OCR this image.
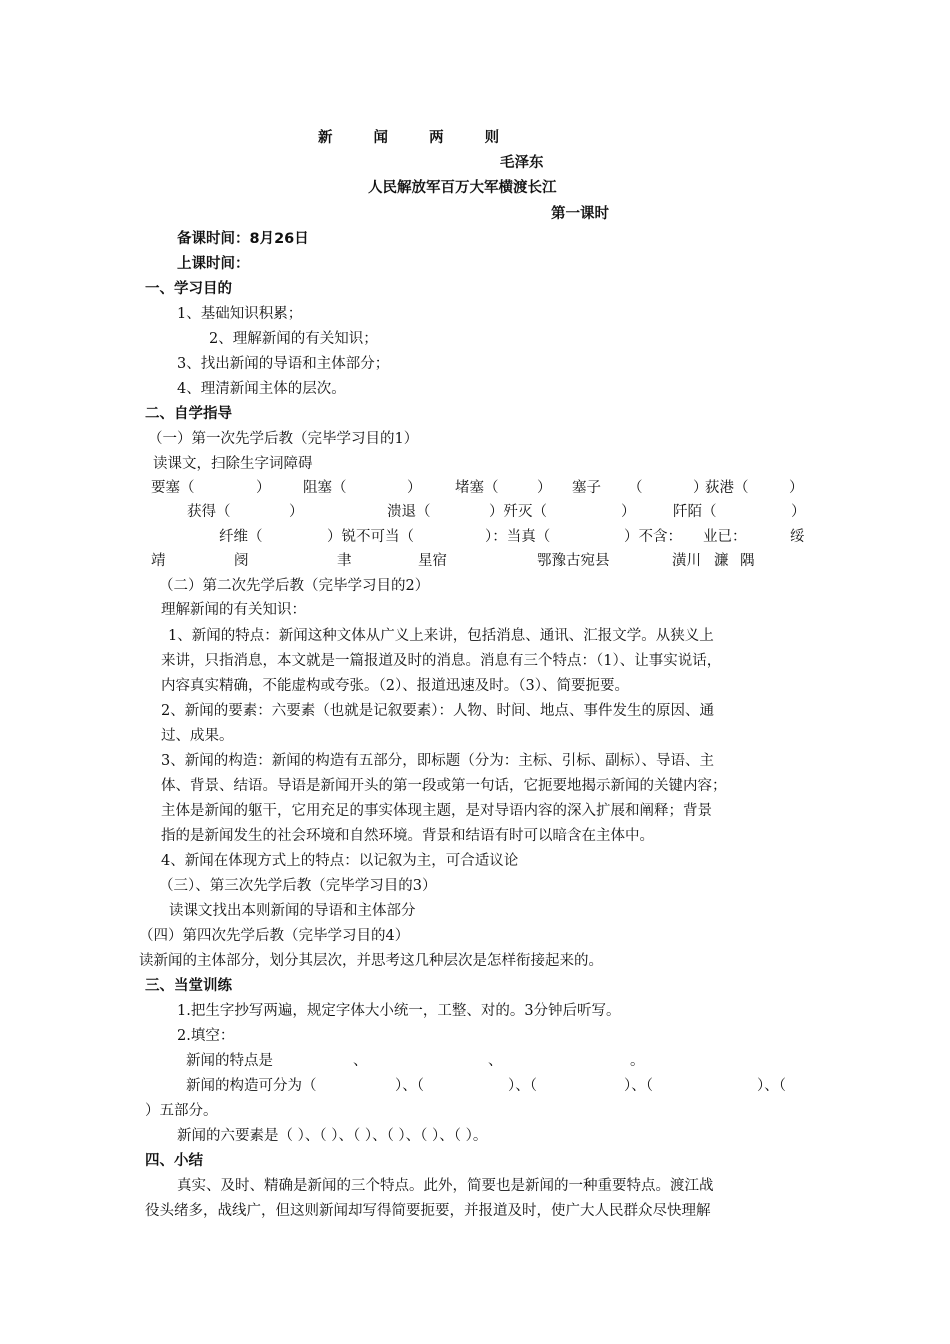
新 闻 两 则
毛泽东
人民解放军百万大军横渡长江
第一课时
备课时间：8月26日
上课时间：
一、学习目的
1、基础知识积累；
2、理解新闻的有关知识；
3、找出新闻的导语和主体部分；
4、理清新闻主体的层次。
二、自学指导
（一）第一次先学后教（完毕学习目的1）
读课文，扫除生字词障碍
要塞（	） 阻塞（	） 堵塞（	） 塞子 （	）
荻港（	）
获得（	）	溃退（	）歼灭（	）	阡陌（	）
纤维（	）锐不可当（	）：当真（	）不含： 业已：	绥
靖	阌	聿	星宿	鄂豫古宛县	潢川 濂 隅
（二）第二次先学后教（完毕学习目的2）
理解新闻的有关知识：
1、新闻的特点：新闻这种文体从广义上来讲，包括消息、通讯、汇报文学。从狭义上
来讲，只指消息，本文就是一篇报道及时的消息。消息有三个特点：（1）、让事实说话，
内容真实精确，不能虚构或夸张。（2）、报道迅速及时。（3）、简要扼要。
2、新闻的要素：六要素（也就是记叙要素）：人物、时间、地点、事件发生的原因、通
过、成果。
3、新闻的构造：新闻的构造有五部分，即标题（分为：主标、引标、副标）、导语、主
体、背景、结语。导语是新闻开头的第一段或第一句话，它扼要地揭示新闻的关键内容；
主体是新闻的躯干，它用充足的事实体现主题，是对导语内容的深入扩展和阐释；背景
指的是新闻发生的社会环境和自然环境。背景和结语有时可以暗含在主体中。
4、新闻在体现方式上的特点：以记叙为主，可合适议论
（三）、第三次先学后教（完毕学习目的3）
读课文找出本则新闻的导语和主体部分
（四）第四次先学后教（完毕学习目的4）
读新闻的主体部分，划分其层次，并思考这几种层次是怎样衔接起来的。
三、当堂训练
1.把生字抄写两遍，规定字体大小统一，工整、对的。3分钟后听写。
2.填空：
新闻的特点是	、	、	。
新闻的构造可分为（	）、（	）、（	）、（	）、（
）五部分。
新闻的六要素是（ ）、（ ）、（ ）、（ ）、（ ）、（ ）。
四、小结
真实、及时、精确是新闻的三个特点。此外，简要也是新闻的一种重要特点。渡江战
役头绪多，战线广，但这则新闻却写得简要扼要，并报道及时，使广大人民群众尽快理解
